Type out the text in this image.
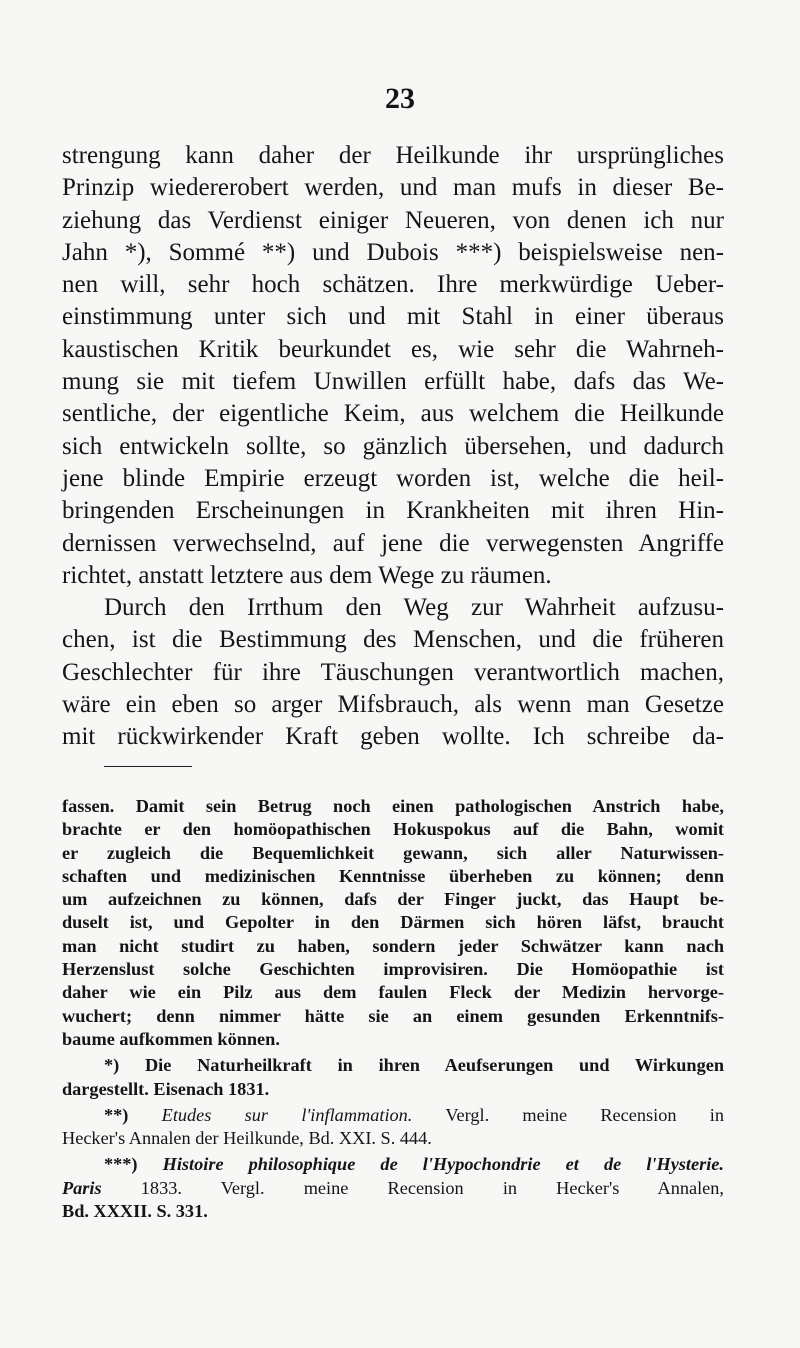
23
strengung kann daher der Heilkunde ihr ursprüngliches
Prinzip wiedererobert werden, und man mufs in dieser Be-
ziehung das Verdienst einiger Neueren, von denen ich nur
Jahn *), Sommé **) und Dubois ***) beispielsweise nen-
nen will, sehr hoch schätzen. Ihre merkwürdige Ueber-
einstimmung unter sich und mit Stahl in einer überaus
kaustischen Kritik beurkundet es, wie sehr die Wahrneh-
mung sie mit tiefem Unwillen erfüllt habe, dafs das We-
sentliche, der eigentliche Keim, aus welchem die Heilkunde
sich entwickeln sollte, so gänzlich übersehen, und dadurch
jene blinde Empirie erzeugt worden ist, welche die heil-
bringenden Erscheinungen in Krankheiten mit ihren Hin-
dernissen verwechselnd, auf jene die verwegensten Angriffe
richtet, anstatt letztere aus dem Wege zu räumen.
Durch den Irrthum den Weg zur Wahrheit aufzusu-
chen, ist die Bestimmung des Menschen, und die früheren
Geschlechter für ihre Täuschungen verantwortlich machen,
wäre ein eben so arger Mifsbrauch, als wenn man Gesetze
mit rückwirkender Kraft geben wollte. Ich schreibe da-
fassen. Damit sein Betrug noch einen pathologischen Anstrich habe,
brachte er den homöopathischen Hokuspokus auf die Bahn, womit
er zugleich die Bequemlichkeit gewann, sich aller Naturwissen-
schaften und medizinischen Kenntnisse überheben zu können; denn
um aufzeichnen zu können, dafs der Finger juckt, das Haupt be-
duselt ist, und Gepolter in den Därmen sich hören läfst, braucht
man nicht studirt zu haben, sondern jeder Schwätzer kann nach
Herzenslust solche Geschichten improvisiren. Die Homöopathie ist
daher wie ein Pilz aus dem faulen Fleck der Medizin hervorge-
wuchert; denn nimmer hätte sie an einem gesunden Erkenntnifs-
baume aufkommen können.
*) Die Naturheilkraft in ihren Aeufserungen und Wirkungen
dargestellt. Eisenach 1831.
**) Etudes sur l'inflammation. Vergl. meine Recension in
Hecker's Annalen der Heilkunde, Bd. XXI. S. 444.
***) Histoire philosophique de l'Hypochondrie et de l'Hysterie.
Paris 1833. Vergl. meine Recension in Hecker's Annalen,
Bd. XXXII. S. 331.
